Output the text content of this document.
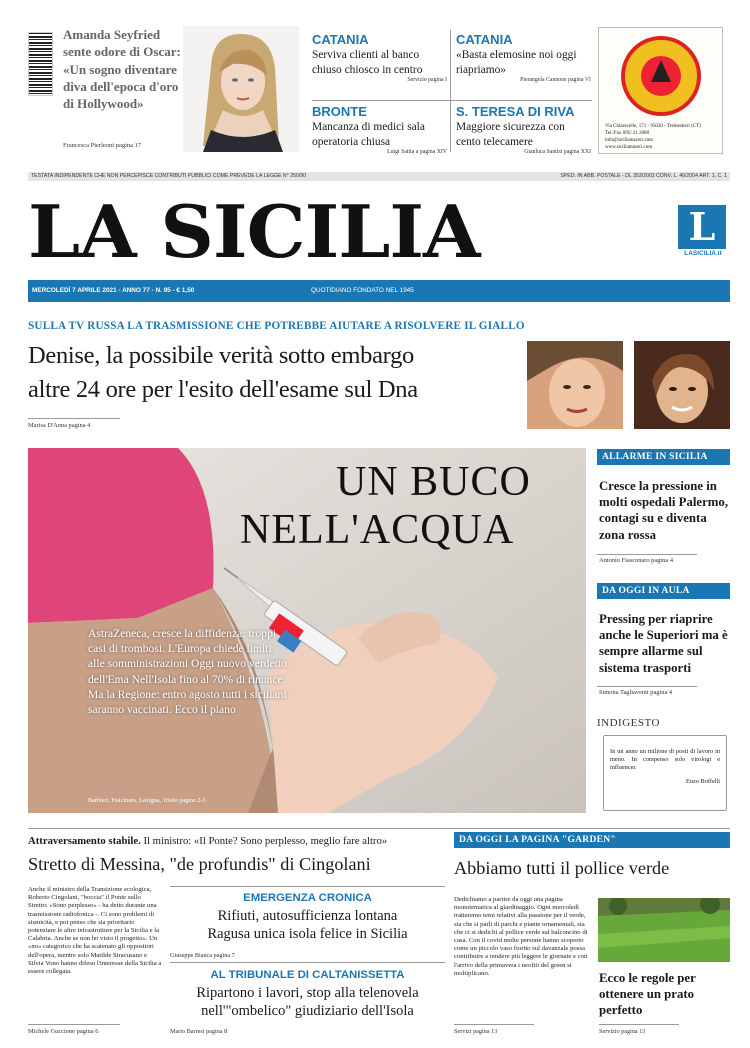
Amanda Seyfried sente odore di Oscar: «Un sogno diventare diva dell'epoca d'oro di Hollywood»
Francesca Pierleoni pagina 17
CATANIA
Serviva clienti al banco chiuso chiosco in centro
Servizio pagina I
CATANIA
«Basta elemosine noi oggi riapriamo»
Pierangela Cannone pagina VI
BRONTE
Mancanza di medici sala operatoria chiusa
Luigi Saitta a pagina XIV
S. TERESA DI RIVA
Maggiore sicurezza con cento telecamere
Gianluca Santisi pagina XXI
Via Chiaravelle, 171 - 95030 - Tremestieri (CT)
Tel./Fax 095/ 21 2080
info@siciliamaceri.com
www.siciliamaceri.com
TESTATA INDIPENDENTE CHE NON PERCEPISCE CONTRIBUTI PUBBLICI COME PREVEDE LA LEGGE N° 250/90	SPED. IN ABB. POSTALE - DL 353/2003 CONV. L. 46/2004 ART. 1, C. 1
LA SICILIA	L
LASICILIA.it
MERCOLEDÌ 7 APRILE 2021 - ANNO 77 - N. 95 - € 1,50	QUOTIDIANO FONDATO NEL 1945
SULLA TV RUSSA LA TRASMISSIONE CHE POTREBBE AIUTARE A RISOLVERE IL GIALLO
Denise, la possibile verità sotto embargo
altre 24 ore per l'esito dell'esame sul Dna
Marisa D'Anna pagina 4
UN BUCO
NELL'ACQUA
AstraZeneca, cresce la diffidenza: troppi casi di trombosi. L'Europa chiede limiti alle somministrazioni Oggi nuovo verdetto dell'Ema Nell'Isola fino al 70% di rinunce. Ma la Regione: entro agosto tutti i siciliani saranno vaccinati. Ecco il piano
Barbieri, Fisicinaro, Lavigna, Triolo pagine 2-5
ALLARME IN SICILIA
Cresce la pressione in molti ospedali Palermo, contagi su e diventa zona rossa
Antonio Fiasconaro pagina 4
DA OGGI IN AULA
Pressing per riaprire anche le Superiori ma è sempre allarme sul sistema trasporti
Simona Tagliaventi pagina 4
INDIGESTO
In un anno un milione di posti di lavoro in meno. In compenso solo virologi e influencer.
Enzo Boffelli
Attraversamento stabile. Il ministro: «Il Ponte? Sono perplesso, meglio fare altro»
Stretto di Messina, "de profundis" di Cingolani
Anche il ministro della Transizione ecologica, Roberto Cingolani, "boccia" il Ponte sullo Stretto: «Sono perplesso» - ha detto durante una trasmissione radiofonica -. Ci sono problemi di sismicità, e poi penso che sia prioritario potenziare le altre infrastrutture per la Sicilia e la Calabria. Anche se non ho visto il progetto». Un «no» categorico che ha scatenato gli oppositori dell'opera, mentre solo Matilde Siracusano e Silvia Vono hanno difeso l'interesse della Sicilia a essere collegata.
Michele Guccione pagina 6
EMERGENZA CRONICA
Rifiuti, autosufficienza lontana
Ragusa unica isola felice in Sicilia
Giuseppe Bianca pagina 7
AL TRIBUNALE DI CALTANISSETTA
Ripartono i lavori, stop alla telenovela
nell'"ombelico" giudiziario dell'Isola
Mario Barresi pagina 8
DA OGGI LA PAGINA "GARDEN"
Abbiamo tutti il pollice verde
Dedichiamo a partire da oggi una pagina monotematica al giardinaggio. Ogni mercoledì tratteremo temi relativi alla passione per il verde, sia che si parli di parchi e piante ornamentali, sia che ci si dedichi al pollice verde sul balconcino di casa. Con il covid molte persone hanno scoperto come un piccolo vaso fiorito sul davanzale possa contribuire a rendere più leggere le giornate e con l'arrivo della primavera i neofiti del green si moltiplicano.	Ecco le regole per ottenere un prato perfetto
Servizi pagina 13	Servizio pagina 13
